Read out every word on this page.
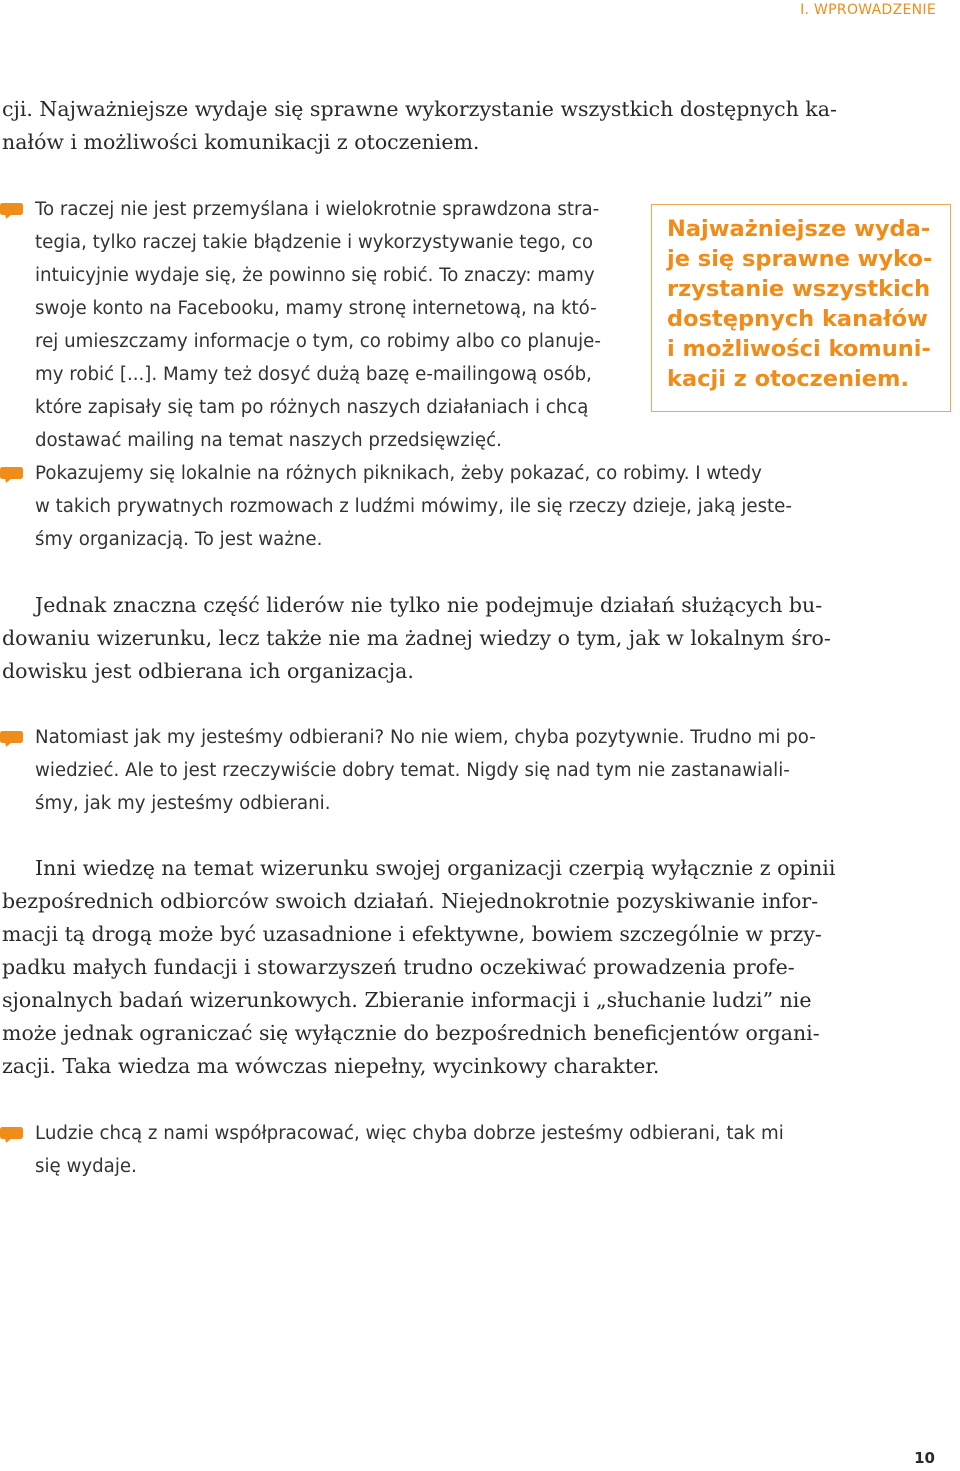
I. WPROWADZENIE
cji. Najważniejsze wydaje się sprawne wykorzystanie wszystkich dostępnych ka-
nałów i możliwości komunikacji z otoczeniem.
To raczej nie jest przemyślana i wielokrotnie sprawdzona stra-
tegia, tylko raczej takie błądzenie i wykorzystywanie tego, co
intuicyjnie wydaje się, że powinno się robić. To znaczy: mamy
swoje konto na Facebooku, mamy stronę internetową, na któ-
rej umieszczamy informacje o tym, co robimy albo co planuje-
my robić [...]. Mamy też dosyć dużą bazę e-mailingową osób,
które zapisały się tam po różnych naszych działaniach i chcą
dostawać mailing na temat naszych przedsięwzięć.
Najważniejsze wyda-
je się sprawne wyko-
rzystanie wszystkich
dostępnych kanałów
i możliwości komuni-
kacji z otoczeniem.
Pokazujemy się lokalnie na różnych piknikach, żeby pokazać, co robimy. I wtedy
w takich prywatnych rozmowach z ludźmi mówimy, ile się rzeczy dzieje, jaką jeste-
śmy organizacją. To jest ważne.
Jednak znaczna część liderów nie tylko nie podejmuje działań służących bu-
dowaniu wizerunku, lecz także nie ma żadnej wiedzy o tym, jak w lokalnym śro-
dowisku jest odbierana ich organizacja.
Natomiast jak my jesteśmy odbierani? No nie wiem, chyba pozytywnie. Trudno mi po-
wiedzieć. Ale to jest rzeczywiście dobry temat. Nigdy się nad tym nie zastanawiali-
śmy, jak my jesteśmy odbierani.
Inni wiedzę na temat wizerunku swojej organizacji czerpią wyłącznie z opinii
bezpośrednich odbiorców swoich działań. Niejednokrotnie pozyskiwanie infor-
macji tą drogą może być uzasadnione i efektywne, bowiem szczególnie w przy-
padku małych fundacji i stowarzyszeń trudno oczekiwać prowadzenia profe-
sjonalnych badań wizerunkowych. Zbieranie informacji i „słuchanie ludzi” nie
może jednak ograniczać się wyłącznie do bezpośrednich beneficjentów organi-
zacji. Taka wiedza ma wówczas niepełny, wycinkowy charakter.
Ludzie chcą z nami współpracować, więc chyba dobrze jesteśmy odbierani, tak mi
się wydaje.
10
